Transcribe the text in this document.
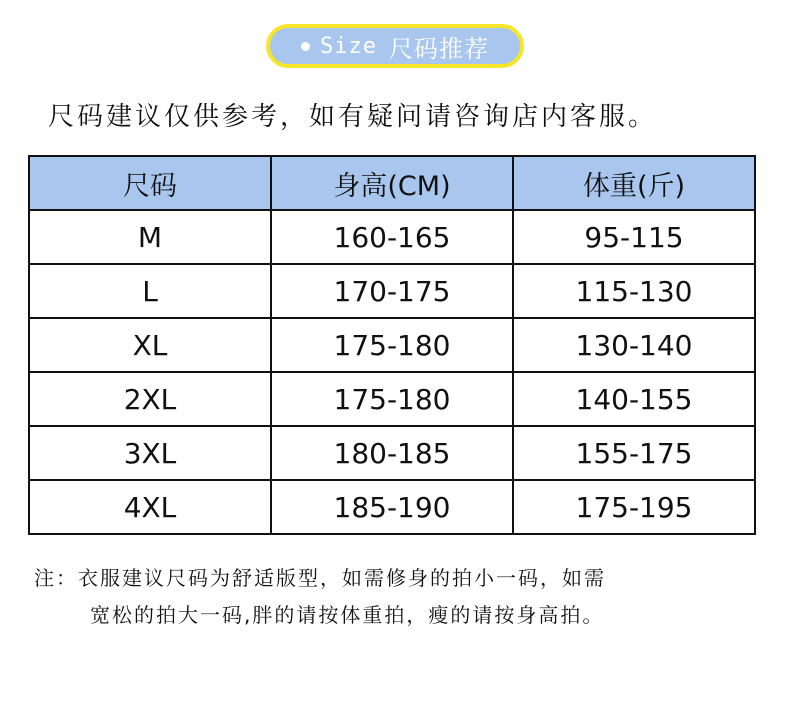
Size 尺码推荐
尺码建议仅供参考，如有疑问请咨询店内客服。
尺码	身高(CM)	体重(斤)
M	160-165	95-115
L	170-175	115-130
XL	175-180	130-140
2XL	175-180	140-155
3XL	180-185	155-175
4XL	185-190	175-195
注：衣服建议尺码为舒适版型，如需修身的拍小一码，如需
宽松的拍大一码,胖的请按体重拍，瘦的请按身高拍。
